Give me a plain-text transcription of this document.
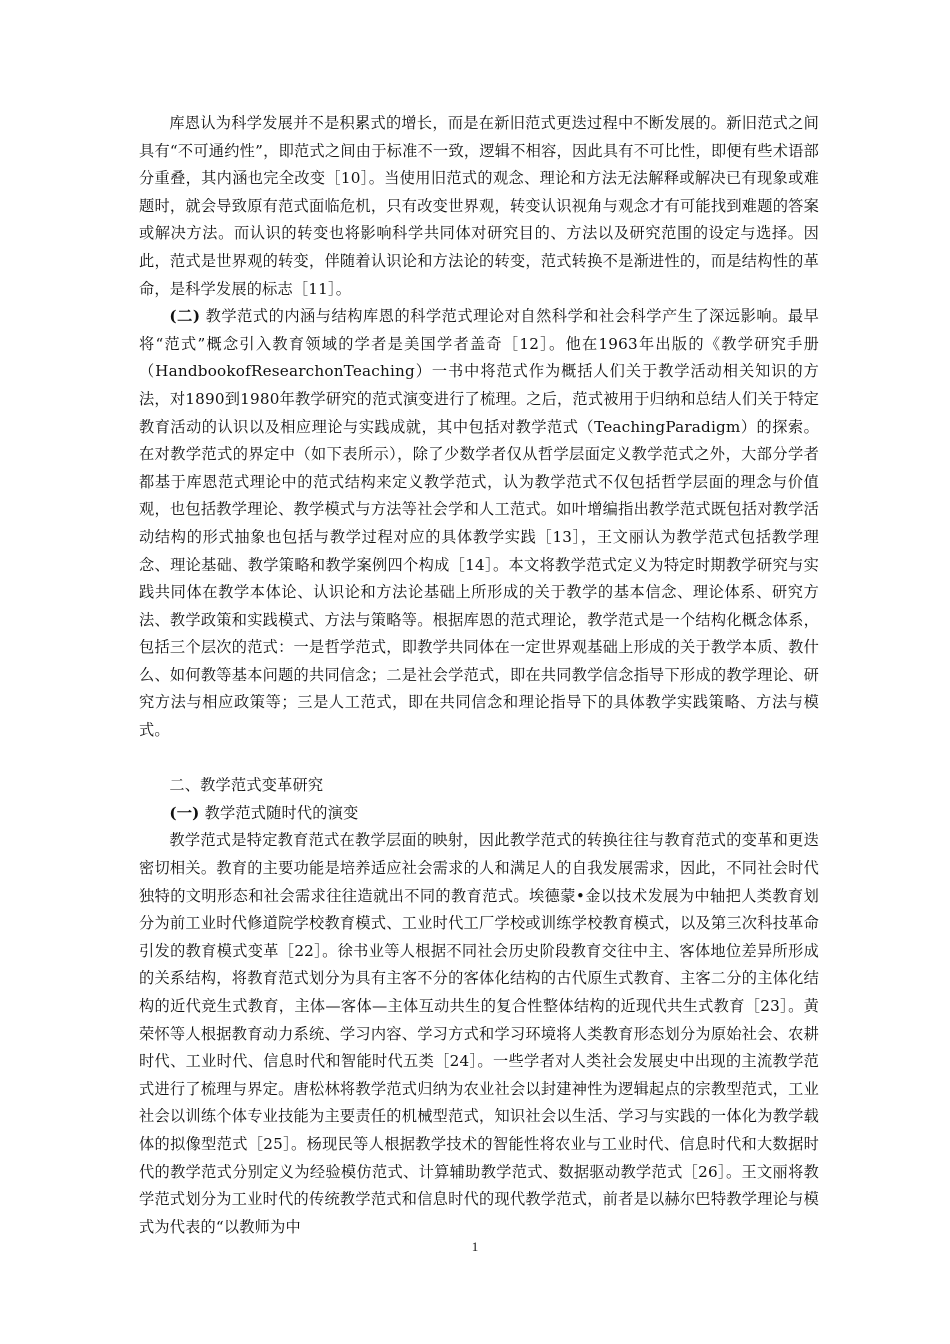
库恩认为科学发展并不是积累式的增长，而是在新旧范式更迭过程中不断发展的。新旧范式之间具有“不可通约性”，即范式之间由于标准不一致，逻辑不相容，因此具有不可比性，即便有些术语部分重叠，其内涵也完全改变［10］。当使用旧范式的观念、理论和方法无法解释或解决已有现象或难题时，就会导致原有范式面临危机，只有改变世界观，转变认识视角与观念才有可能找到难题的答案或解决方法。而认识的转变也将影响科学共同体对研究目的、方法以及研究范围的设定与选择。因此，范式是世界观的转变，伴随着认识论和方法论的转变，范式转换不是渐进性的，而是结构性的革命，是科学发展的标志［11］。

(二) 教学范式的内涵与结构库恩的科学范式理论对自然科学和社会科学产生了深远影响。最早将“范式”概念引入教育领域的学者是美国学者盖奇［12］。他在1963年出版的《教学研究手册（HandbookofResearchonTeaching）一书中将范式作为概括人们关于教学活动相关知识的方法，对1890到1980年教学研究的范式演变进行了梳理。之后，范式被用于归纳和总结人们关于特定教育活动的认识以及相应理论与实践成就，其中包括对教学范式（TeachingParadigm）的探索。在对教学范式的界定中（如下表所示），除了少数学者仅从哲学层面定义教学范式之外，大部分学者都基于库恩范式理论中的范式结构来定义教学范式，认为教学范式不仅包括哲学层面的理念与价值观，也包括教学理论、教学模式与方法等社会学和人工范式。如叶增编指出教学范式既包括对教学活动结构的形式抽象也包括与教学过程对应的具体教学实践［13］，王文丽认为教学范式包括教学理念、理论基础、教学策略和教学案例四个构成［14］。本文将教学范式定义为特定时期教学研究与实践共同体在教学本体论、认识论和方法论基础上所形成的关于教学的基本信念、理论体系、研究方法、教学政策和实践模式、方法与策略等。根据库恩的范式理论，教学范式是一个结构化概念体系，包括三个层次的范式：一是哲学范式，即教学共同体在一定世界观基础上形成的关于教学本质、教什么、如何教等基本问题的共同信念；二是社会学范式，即在共同教学信念指导下形成的教学理论、研究方法与相应政策等；三是人工范式，即在共同信念和理论指导下的具体教学实践策略、方法与模式。

二、教学范式变革研究

(一) 教学范式随时代的演变

教学范式是特定教育范式在教学层面的映射，因此教学范式的转换往往与教育范式的变革和更迭密切相关。教育的主要功能是培养适应社会需求的人和满足人的自我发展需求，因此，不同社会时代独特的文明形态和社会需求往往造就出不同的教育范式。埃德蒙•金以技术发展为中轴把人类教育划分为前工业时代修道院学校教育模式、工业时代工厂学校或训练学校教育模式，以及第三次科技革命引发的教育模式变革［22］。徐书业等人根据不同社会历史阶段教育交往中主、客体地位差异所形成的关系结构，将教育范式划分为具有主客不分的客体化结构的古代原生式教育、主客二分的主体化结构的近代竞生式教育，主体—客体—主体互动共生的复合性整体结构的近现代共生式教育［23］。黄荣怀等人根据教育动力系统、学习内容、学习方式和学习环境将人类教育形态划分为原始社会、农耕时代、工业时代、信息时代和智能时代五类［24］。一些学者对人类社会发展史中出现的主流教学范式进行了梳理与界定。唐松林将教学范式归纳为农业社会以封建神性为逻辑起点的宗教型范式，工业社会以训练个体专业技能为主要责任的机械型范式，知识社会以生活、学习与实践的一体化为教学载体的拟像型范式［25］。杨现民等人根据教学技术的智能性将农业与工业时代、信息时代和大数据时代的教学范式分别定义为经验模仿范式、计算辅助教学范式、数据驱动教学范式［26］。王文丽将教学范式划分为工业时代的传统教学范式和信息时代的现代教学范式，前者是以赫尔巴特教学理论与模式为代表的“以教师为中

1
